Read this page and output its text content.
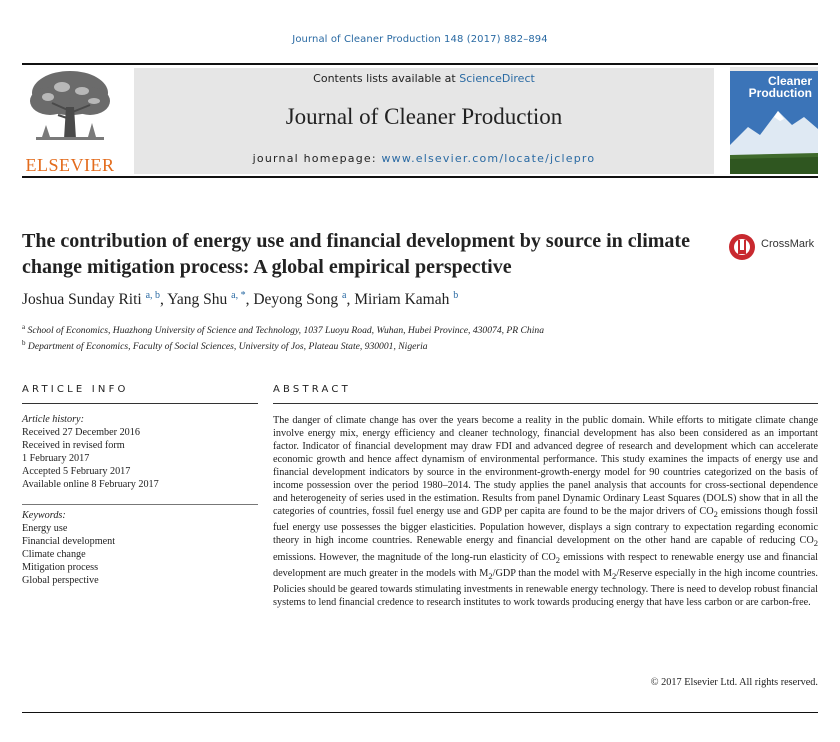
Journal of Cleaner Production 148 (2017) 882–894
ELSEVIER
Contents lists available at ScienceDirect
Journal of Cleaner Production
journal homepage: www.elsevier.com/locate/jclepro
Cleaner
Production
The contribution of energy use and financial development by source in climate change mitigation process: A global empirical perspective
CrossMark
Joshua Sunday Riti $^{a, b}$, Yang Shu $^{a, *}$, Deyong Song $^a$, Miriam Kamah $^b$
$^a$ School of Economics, Huazhong University of Science and Technology, 1037 Luoyu Road, Wuhan, Hubei Province, 430074, PR China
$^b$ Department of Economics, Faculty of Social Sciences, University of Jos, Plateau State, 930001, Nigeria
ARTICLE INFO	ABSTRACT
Article history:
Received 27 December 2016
Received in revised form
1 February 2017
Accepted 5 February 2017
Available online 8 February 2017
Keywords:
Energy use
Financial development
Climate change
Mitigation process
Global perspective
The danger of climate change has over the years become a reality in the public domain. While efforts to mitigate climate change involve energy mix, energy efficiency and cleaner technology, financial development has also been considered as an important factor. Indicator of financial development may draw FDI and advanced degree of research and development which can accelerate economic growth and hence affect dynamism of environmental performance. This study examines the impacts of energy use and financial development indicators by source in the environment-growth-energy model for 90 countries categorized on the basis of income possession over the period 1980–2014. The study applies the panel analysis that accounts for cross-sectional dependence and heterogeneity of series used in the estimation. Results from panel Dynamic Ordinary Least Squares (DOLS) show that in all the categories of countries, fossil fuel energy use and GDP per capita are found to be the major drivers of $CO_2$ emissions though fossil fuel energy use possesses the bigger elasticities. Population however, displays a sign contrary to expectation regarding economic theory in high income countries. Renewable energy and financial development on the other hand are capable of reducing $CO_2$ emissions. However, the magnitude of the long-run elasticity of $CO_2$ emissions with respect to renewable energy use and financial development are much greater in the models with $M_2$/GDP than the model with $M_2$/Reserve especially in the high income countries. Policies should be geared towards stimulating investments in renewable energy technology. There is need to develop robust financial systems to lend financial credence to research institutes to work towards producing energy that have less carbon or are carbon-free.
© 2017 Elsevier Ltd. All rights reserved.
